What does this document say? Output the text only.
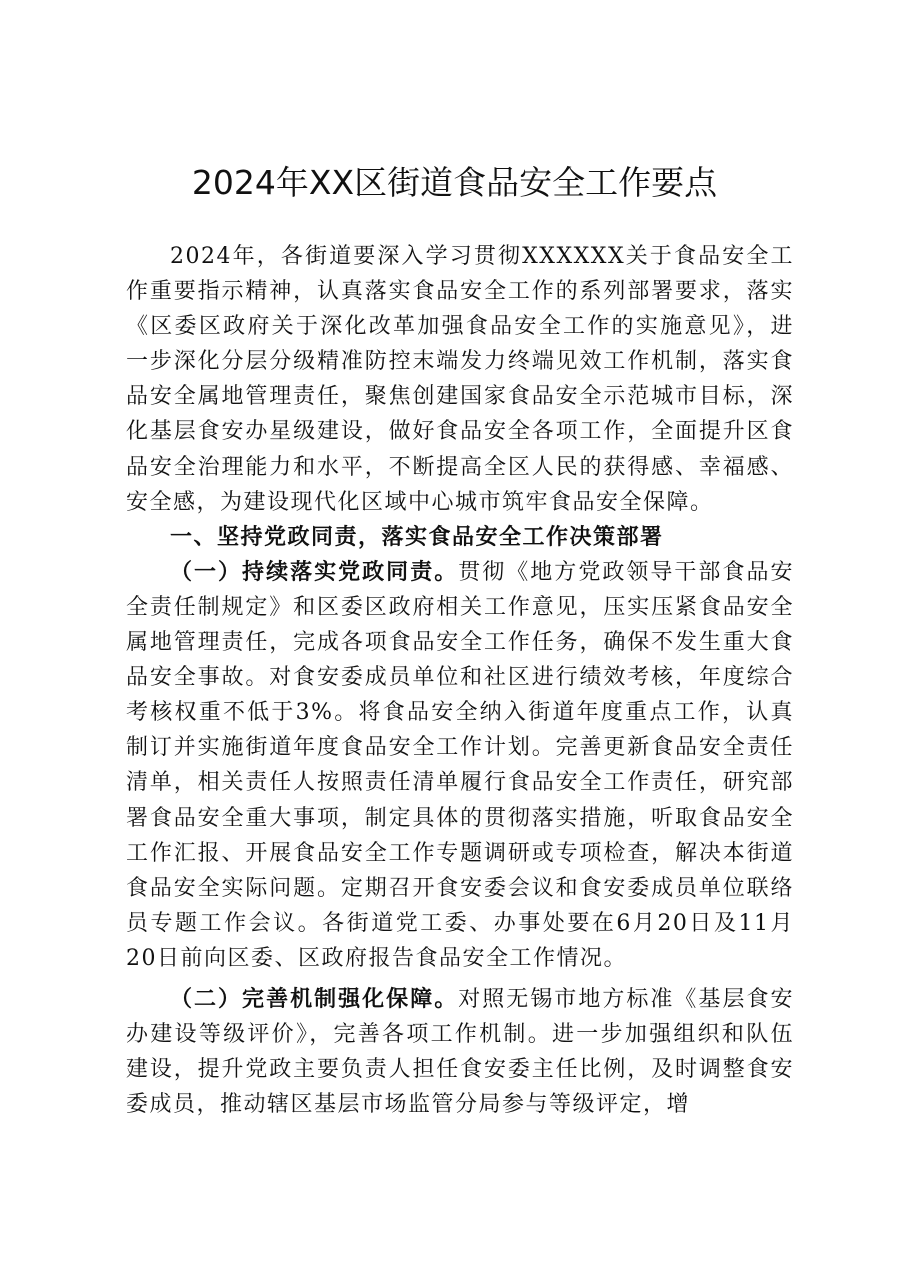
2024年XX区街道食品安全工作要点

2024年，各街道要深入学习贯彻XXXXXX关于食品安全工作重要指示精神，认真落实食品安全工作的系列部署要求，落实《区委区政府关于深化改革加强食品安全工作的实施意见》，进一步深化分层分级精准防控末端发力终端见效工作机制，落实食品安全属地管理责任，聚焦创建国家食品安全示范城市目标，深化基层食安办星级建设，做好食品安全各项工作，全面提升区食品安全治理能力和水平，不断提高全区人民的获得感、幸福感、安全感，为建设现代化区域中心城市筑牢食品安全保障。

一、坚持党政同责，落实食品安全工作决策部署

（一）持续落实党政同责。贯彻《地方党政领导干部食品安全责任制规定》和区委区政府相关工作意见，压实压紧食品安全属地管理责任，完成各项食品安全工作任务，确保不发生重大食品安全事故。对食安委成员单位和社区进行绩效考核，年度综合考核权重不低于3%。将食品安全纳入街道年度重点工作，认真制订并实施街道年度食品安全工作计划。完善更新食品安全责任清单，相关责任人按照责任清单履行食品安全工作责任，研究部署食品安全重大事项，制定具体的贯彻落实措施，听取食品安全工作汇报、开展食品安全工作专题调研或专项检查，解决本街道食品安全实际问题。定期召开食安委会议和食安委成员单位联络员专题工作会议。各街道党工委、办事处要在6月20日及11月20日前向区委、区政府报告食品安全工作情况。

（二）完善机制强化保障。对照无锡市地方标准《基层食安办建设等级评价》，完善各项工作机制。进一步加强组织和队伍建设，提升党政主要负责人担任食安委主任比例，及时调整食安委成员，推动辖区基层市场监管分局参与等级评定，增
